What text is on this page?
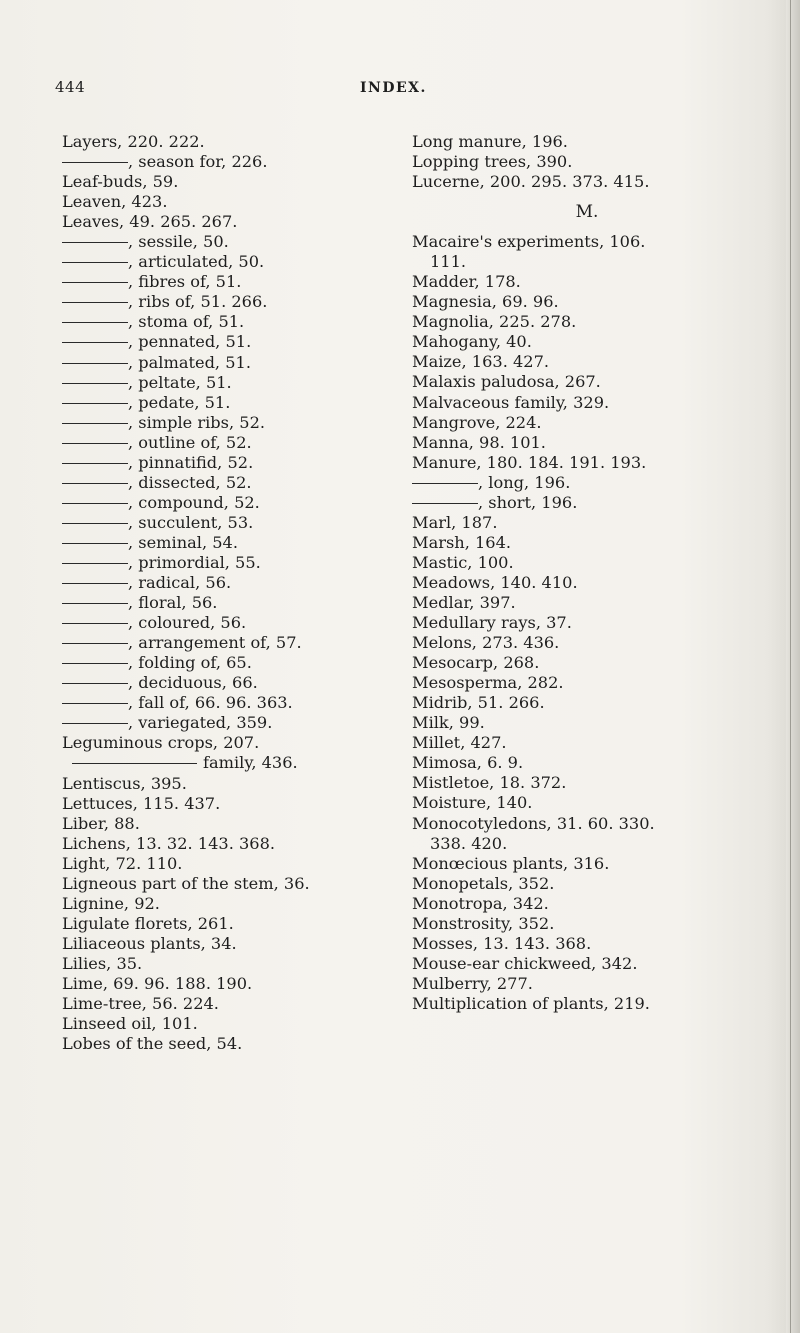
444	INDEX.
Layers, 220. 222.
, season for, 226.
Leaf-buds, 59.
Leaven, 423.
Leaves, 49. 265. 267.
, sessile, 50.
, articulated, 50.
, fibres of, 51.
, ribs of, 51. 266.
, stoma of, 51.
, pennated, 51.
, palmated, 51.
, peltate, 51.
, pedate, 51.
, simple ribs, 52.
, outline of, 52.
, pinnatifid, 52.
, dissected, 52.
, compound, 52.
, succulent, 53.
, seminal, 54.
, primordial, 55.
, radical, 56.
, floral, 56.
, coloured, 56.
, arrangement of, 57.
, folding of, 65.
, deciduous, 66.
, fall of, 66. 96. 363.
, variegated, 359.
Leguminous crops, 207.
family, 436.
Lentiscus, 395.
Lettuces, 115. 437.
Liber, 88.
Lichens, 13. 32. 143. 368.
Light, 72. 110.
Ligneous part of the stem, 36.
Lignine, 92.
Ligulate florets, 261.
Liliaceous plants, 34.
Lilies, 35.
Lime, 69. 96. 188. 190.
Lime-tree, 56. 224.
Linseed oil, 101.
Lobes of the seed, 54.
Long manure, 196.
Lopping trees, 390.
Lucerne, 200. 295. 373. 415.
M.
Macaire's experiments, 106.
111.
Madder, 178.
Magnesia, 69. 96.
Magnolia, 225. 278.
Mahogany, 40.
Maize, 163. 427.
Malaxis paludosa, 267.
Malvaceous family, 329.
Mangrove, 224.
Manna, 98. 101.
Manure, 180. 184. 191. 193.
, long, 196.
, short, 196.
Marl, 187.
Marsh, 164.
Mastic, 100.
Meadows, 140. 410.
Medlar, 397.
Medullary rays, 37.
Melons, 273. 436.
Mesocarp, 268.
Mesosperma, 282.
Midrib, 51. 266.
Milk, 99.
Millet, 427.
Mimosa, 6. 9.
Mistletoe, 18. 372.
Moisture, 140.
Monocotyledons, 31. 60. 330.
338. 420.
Monœcious plants, 316.
Monopetals, 352.
Monotropa, 342.
Monstrosity, 352.
Mosses, 13. 143. 368.
Mouse-ear chickweed, 342.
Mulberry, 277.
Multiplication of plants, 219.
